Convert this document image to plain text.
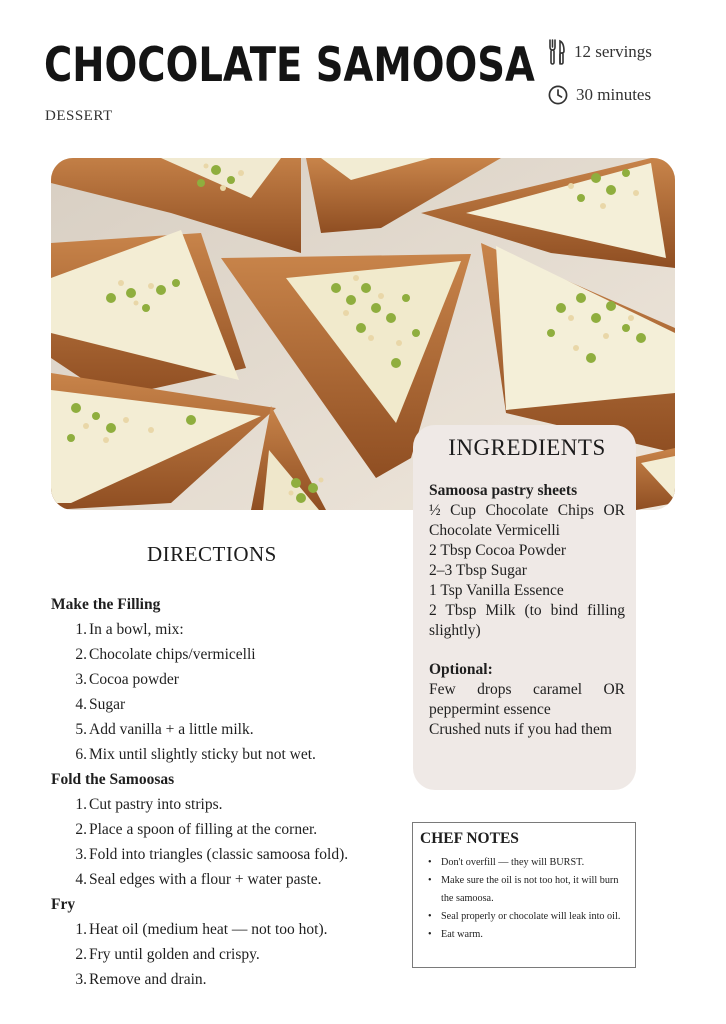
CHOCOLATE SAMOOSA
DESSERT
12 servings
30 minutes
INGREDIENTS
Samoosa pastry sheets
½ Cup Chocolate Chips OR Chocolate Vermicelli
2 Tbsp Cocoa Powder
2–3 Tbsp Sugar
1 Tsp Vanilla Essence
2 Tbsp Milk (to bind filling slightly)
Optional:
Few drops caramel OR peppermint essence
Crushed nuts if you had them
DIRECTIONS
Make the Filling
1. In a bowl, mix:
2. Chocolate chips/vermicelli
3. Cocoa powder
4. Sugar
5. Add vanilla + a little milk.
6. Mix until slightly sticky but not wet.
Fold the Samoosas
1. Cut pastry into strips.
2. Place a spoon of filling at the corner.
3. Fold into triangles (classic samoosa fold).
4. Seal edges with a flour + water paste.
Fry
1. Heat oil (medium heat — not too hot).
2. Fry until golden and crispy.
3. Remove and drain.
CHEF NOTES
• Don't overfill — they will BURST.
• Make sure the oil is not too hot, it will burn the samoosa.
• Seal properly or chocolate will leak into oil.
• Eat warm.
